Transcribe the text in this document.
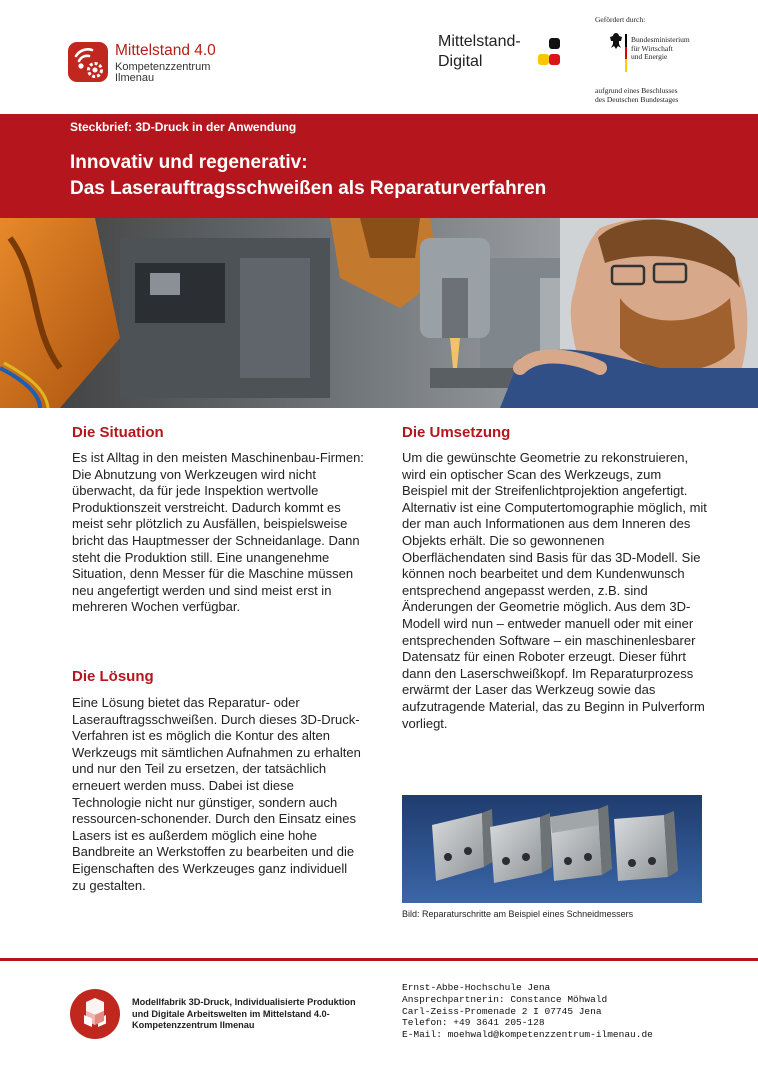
Mittelstand 4.0
Kompetenzzentrum
Ilmenau
Mittelstand-
Digital
Gefördert durch:
Bundesministerium
für Wirtschaft
und Energie
aufgrund eines Beschlusses
des Deutschen Bundestages
Steckbrief: 3D-Druck in der Anwendung
Innovativ und regenerativ:
Das Laserauftragsschweißen als Reparaturverfahren
Die Situation

Es ist Alltag in den meisten Maschinenbau-Firmen: Die Abnutzung von Werkzeugen wird nicht überwacht, da für jede Inspektion wertvolle Produktionszeit verstreicht. Dadurch kommt es meist sehr plötzlich zu Ausfällen, beispielsweise bricht das Hauptmesser der Schneidanlage. Dann steht die Produktion still. Eine unangenehme Situation, denn Messer für die Maschine müssen neu angefertigt werden und sind meist erst in mehreren Wochen verfügbar.

Die Lösung

Eine Lösung bietet das Reparatur- oder Laserauftragsschweißen. Durch dieses 3D-Druck-Verfahren ist es möglich die Kontur des alten Werkzeugs mit sämtlichen Aufnahmen zu erhalten und nur den Teil zu ersetzen, der tatsächlich erneuert werden muss. Dabei ist diese Technologie nicht nur günstiger, sondern auch ressourcen-schonender. Durch den Einsatz eines Lasers ist es außerdem möglich eine hohe Bandbreite an Werkstoffen zu bearbeiten und die Eigenschaften des Werkzeuges ganz individuell zu gestalten.

Die Umsetzung

Um die gewünschte Geometrie zu rekonstruieren, wird ein optischer Scan des Werkzeugs, zum Beispiel mit der Streifenlichtprojektion angefertigt. Alternativ ist eine Computertomographie möglich, mit der man auch Informationen aus dem Inneren des Objekts erhält. Die so gewonnenen Oberflächendaten sind Basis für das 3D-Modell. Sie können noch bearbeitet und dem Kundenwunsch entsprechend angepasst werden, z.B. sind Änderungen der Geometrie möglich. Aus dem 3D-Modell wird nun – entweder manuell oder mit einer entsprechenden Software – ein maschinenlesbarer Datensatz für einen Roboter erzeugt. Dieser führt dann den Laserschweißkopf. Im Reparaturprozess erwärmt der Laser das Werkzeug sowie das aufzutragende Material, das zu Beginn in Pulverform vorliegt.

Bild: Reparaturschritte am Beispiel eines Schneidmessers
Modellfabrik 3D-Druck, Individualisierte Produktion und Digitale Arbeitswelten im Mittelstand 4.0-Kompetenzzentrum Ilmenau
Ernst-Abbe-Hochschule Jena
Ansprechpartnerin: Constance Möhwald
Carl-Zeiss-Promenade 2 I 07745 Jena
Telefon: +49 3641 205-128
E-Mail: moehwald@kompetenzzentrum-ilmenau.de
